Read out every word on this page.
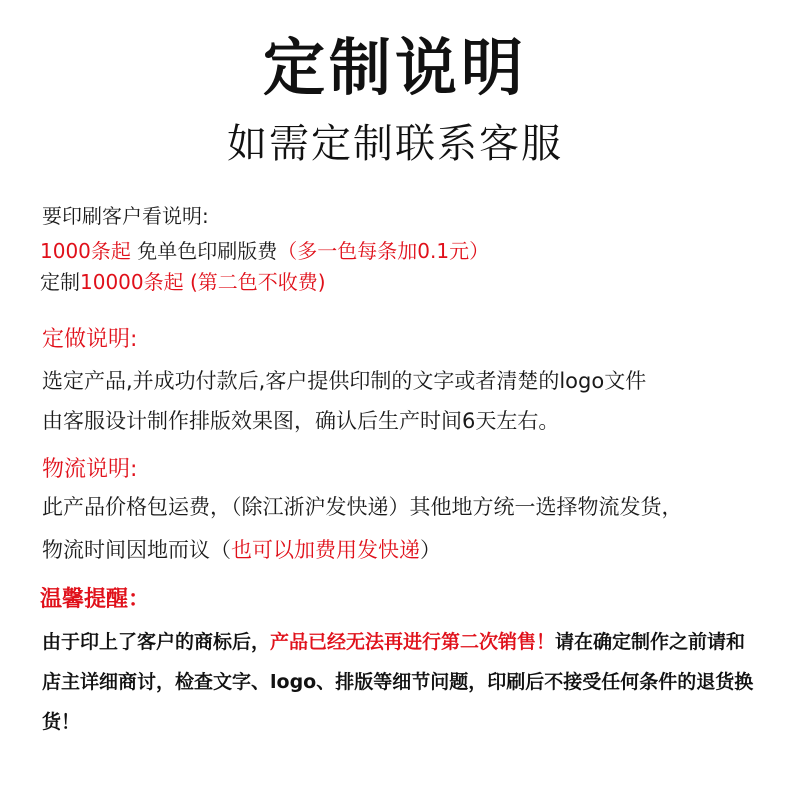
定制说明
如需定制联系客服
要印刷客户看说明:
1000条起 免单色印刷版费（多一色每条加0.1元）
定制10000条起 (第二色不收费)
定做说明:
选定产品,并成功付款后,客户提供印制的文字或者清楚的logo文件
由客服设计制作排版效果图，确认后生产时间6天左右。
物流说明:
此产品价格包运费，（除江浙沪发快递）其他地方统一选择物流发货，
物流时间因地而议（也可以加费用发快递）
温馨提醒：
由于印上了客户的商标后，产品已经无法再进行第二次销售！请在确定制作之前请和店主详细商讨，检查文字、logo、排版等细节问题，印刷后不接受任何条件的退货换货！
